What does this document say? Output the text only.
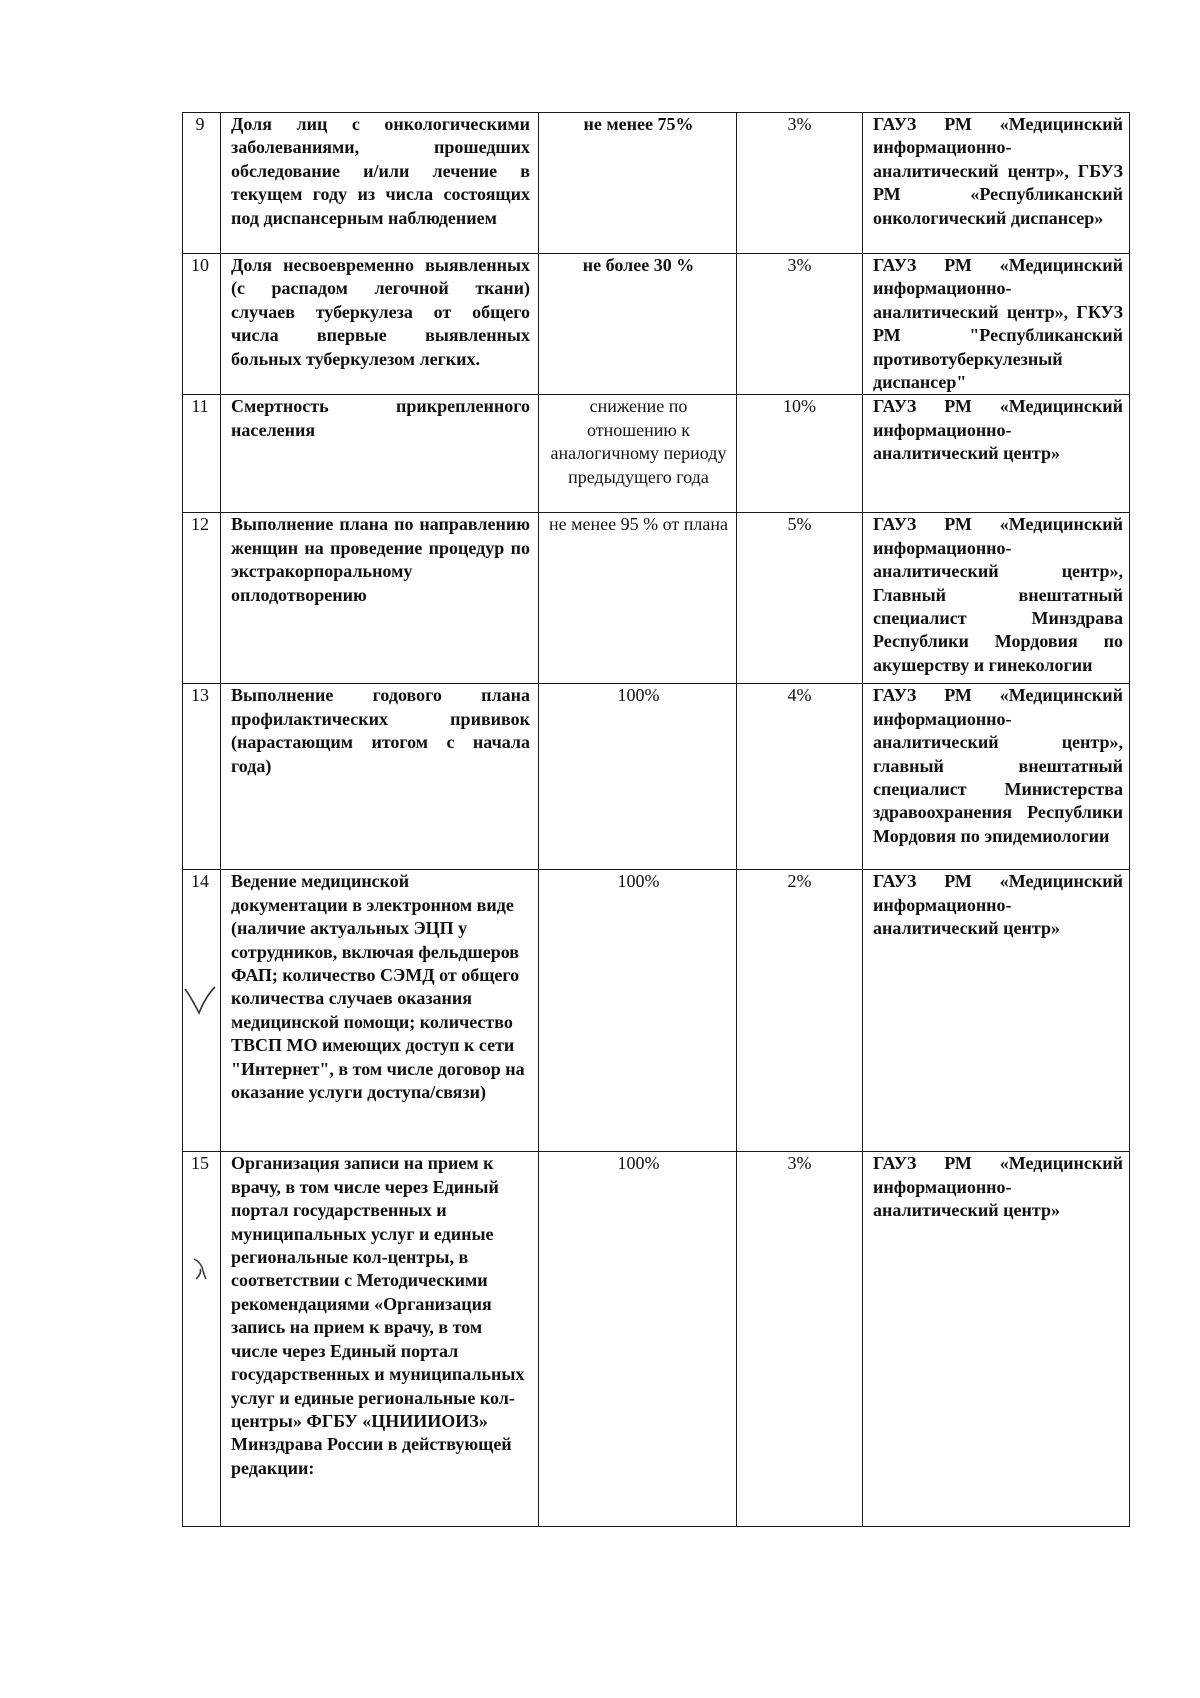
9	Доля лиц с онкологическими заболеваниями, прошедших обследование и/или лечение в текущем году из числа состоящих под диспансерным наблюдением	не менее 75%	3%	ГАУЗ РМ «Медицинский информационно-аналитический центр», ГБУЗ РМ «Республиканский онкологический диспансер»

10	Доля несвоевременно выявленных (с распадом легочной ткани) случаев туберкулеза от общего числа впервые выявленных больных туберкулезом легких.	не более 30 %	3%	ГАУЗ РМ «Медицинский информационно-аналитический центр», ГКУЗ РМ "Республиканский противотуберкулезный диспансер"

11	Смертность прикрепленного населения	снижение по отношению к аналогичному периоду предыдущего года	10%	ГАУЗ РМ «Медицинский информационно-аналитический центр»

12	Выполнение плана по направлению женщин на проведение процедур по экстракорпоральному оплодотворению	не менее 95 % от плана	5%	ГАУЗ РМ «Медицинский информационно-аналитический центр», Главный внештатный специалист Минздрава Республики Мордовия по акушерству и гинекологии

13	Выполнение годового плана профилактических прививок (нарастающим итогом с начала года)	100%	4%	ГАУЗ РМ «Медицинский информационно-аналитический центр», главный внештатный специалист Министерства здравоохранения Республики Мордовия по эпидемиологии

14	Ведение медицинской документации в электронном виде (наличие актуальных ЭЦП у сотрудников, включая фельдшеров ФАП; количество СЭМД от общего количества случаев оказания медицинской помощи; количество ТВСП МО имеющих доступ к сети "Интернет", в том числе договор на оказание услуги доступа/связи)	100%	2%	ГАУЗ РМ «Медицинский информационно-аналитический центр»

15	Организация записи на прием к врачу, в том числе через Единый портал государственных и муниципальных услуг и единые региональные кол-центры, в соответствии с Методическими рекомендациями «Организация запись на прием к врачу, в том числе через Единый портал государственных и муниципальных услуг и единые региональные кол-центры» ФГБУ «ЦНИИИОИЗ» Минздрава России в действующей редакции:	100%	3%	ГАУЗ РМ «Медицинский информационно-аналитический центр»
